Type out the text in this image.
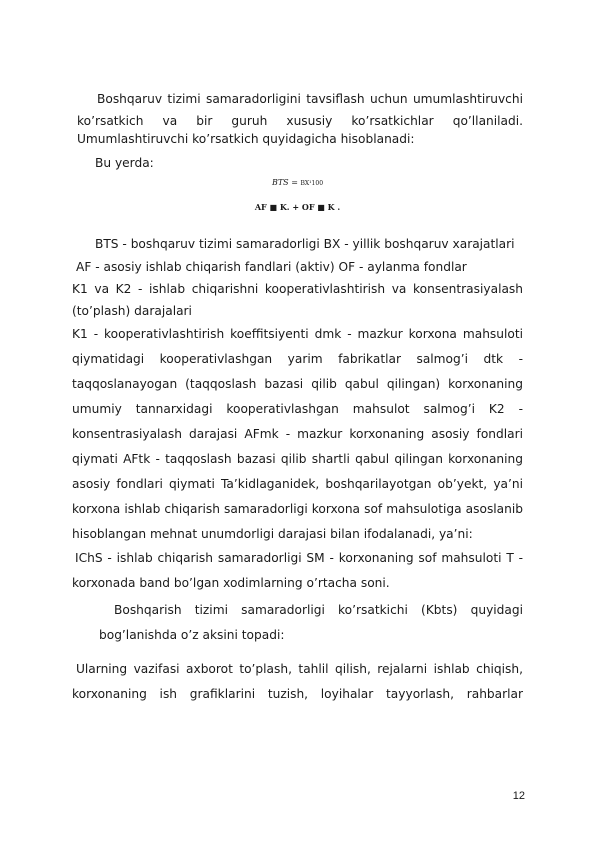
Boshqaruv tizimi samaradorligini tavsiflash uchun umumlashtiruvchi
ko’rsatkich va bir guruh xususiy ko’rsatkichlar qo’llaniladi.
Umumlashtiruvchi ko’rsatkich quyidagicha hisoblanadi:
Bu yerda:
BTS = BX¹100
AF ■ K. + OF ■ K .
BTS - boshqaruv tizimi samaradorligi BX - yillik boshqaruv xarajatlari
AF - asosiy ishlab chiqarish fandlari (aktiv) OF - aylanma fondlar
K1 va K2 - ishlab chiqarishni kooperativlashtirish va konsentrasiyalash
(to’plash) darajalari
K1 - kooperativlashtirish koeffitsiyenti dmk - mazkur korxona mahsuloti
qiymatidagi kooperativlashgan yarim fabrikatlar salmog’i dtk -
taqqoslanayogan (taqqoslash bazasi qilib qabul qilingan) korxonaning
umumiy tannarxidagi kooperativlashgan mahsulot salmog’i K2 -
konsentrasiyalash darajasi AFmk - mazkur korxonaning asosiy fondlari
qiymati AFtk - taqqoslash bazasi qilib shartli qabul qilingan korxonaning
asosiy fondlari qiymati Ta’kidlaganidek, boshqarilayotgan ob’yekt, ya’ni
korxona ishlab chiqarish samaradorligi korxona sof mahsulotiga asoslanib
hisoblangan mehnat unumdorligi darajasi bilan ifodalanadi, ya’ni:
IChS - ishlab chiqarish samaradorligi SM - korxonaning sof mahsuloti T -
korxonada band bo’lgan xodimlarning o’rtacha soni.
Boshqarish tizimi samaradorligi ko’rsatkichi (Kbts) quyidagi
bog’lanishda o’z aksini topadi:
Ularning vazifasi axborot to’plash, tahlil qilish, rejalarni ishlab chiqish,
korxonaning ish grafiklarini tuzish, loyihalar tayyorlash, rahbarlar
12
